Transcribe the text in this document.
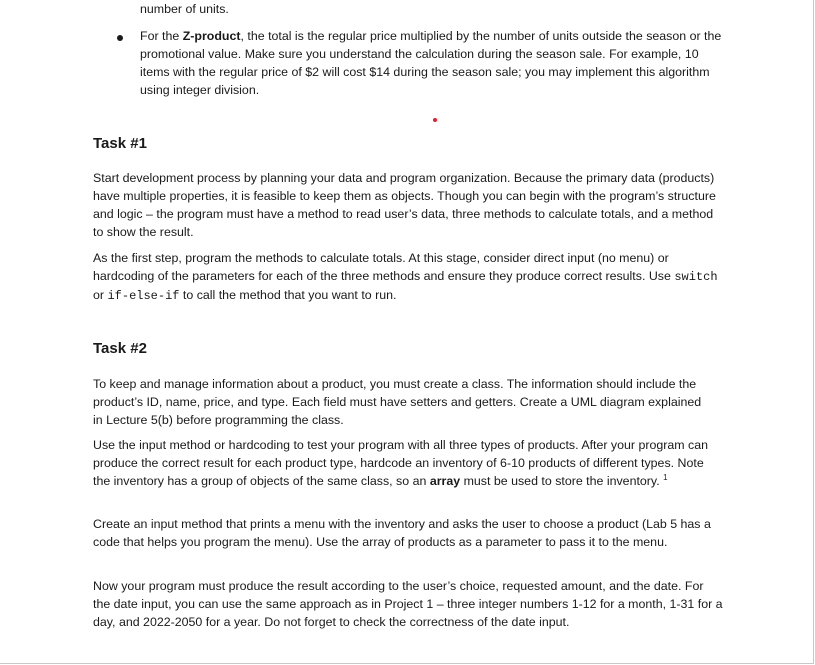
number of units.

For the Z-product, the total is the regular price multiplied by the number of units outside the season or the promotional value. Make sure you understand the calculation during the season sale. For example, 10 items with the regular price of $2 will cost $14 during the season sale; you may implement this algorithm using integer division.

Task #1

Start development process by planning your data and program organization. Because the primary data (products) have multiple properties, it is feasible to keep them as objects. Though you can begin with the program’s structure and logic – the program must have a method to read user’s data, three methods to calculate totals, and a method to show the result.

As the first step, program the methods to calculate totals. At this stage, consider direct input (no menu) or hardcoding of the parameters for each of the three methods and ensure they produce correct results. Use switch or if-else-if to call the method that you want to run.

Task #2

To keep and manage information about a product, you must create a class. The information should include the product’s ID, name, price, and type. Each field must have setters and getters. Create a UML diagram explained in Lecture 5(b) before programming the class.

Use the input method or hardcoding to test your program with all three types of products. After your program can produce the correct result for each product type, hardcode an inventory of 6-10 products of different types. Note the inventory has a group of objects of the same class, so an array must be used to store the inventory. $^1$

Create an input method that prints a menu with the inventory and asks the user to choose a product (Lab 5 has a code that helps you program the menu). Use the array of products as a parameter to pass it to the menu.

Now your program must produce the result according to the user’s choice, requested amount, and the date. For the date input, you can use the same approach as in Project 1 – three integer numbers 1-12 for a month, 1-31 for a day, and 2022-2050 for a year. Do not forget to check the correctness of the date input.
